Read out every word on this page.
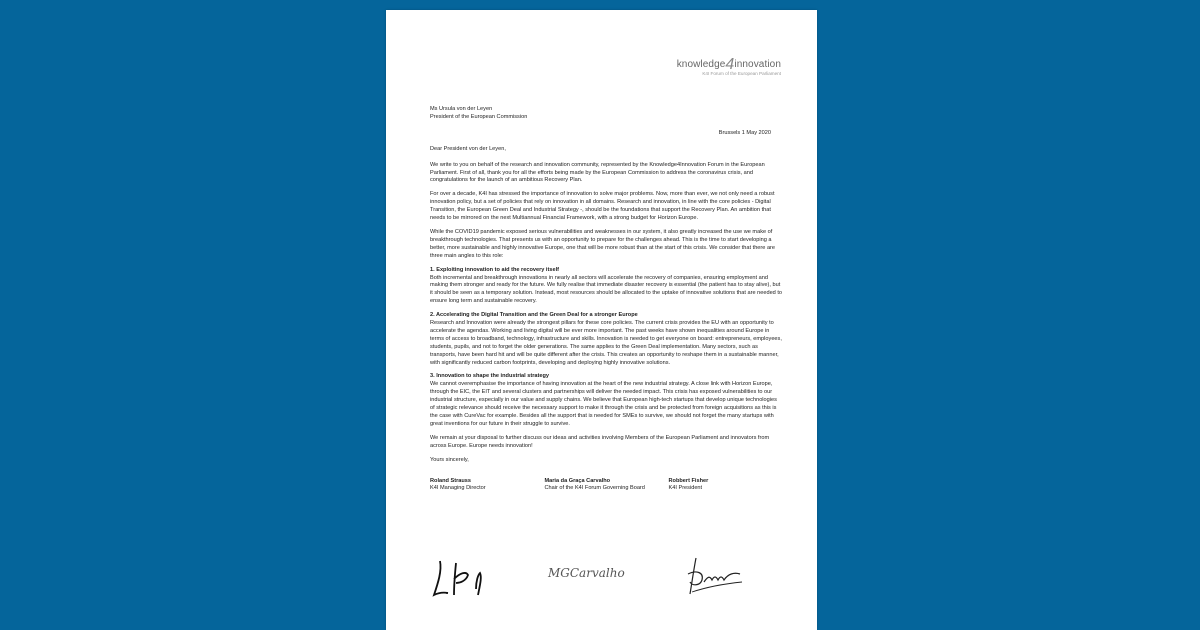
knowledge4innovation
K4I Forum of the European Parliament

Ms Ursula von der Leyen

President of the European Commission

Brussels 1 May 2020

Dear President von der Leyen,

We write to you on behalf of the research and innovation community, represented by the Knowledge4Innovation Forum in the European Parliament. First of all, thank you for all the efforts being made by the European Commission to address the coronavirus crisis, and congratulations for the launch of an ambitious Recovery Plan.

For over a decade, K4I has stressed the importance of innovation to solve major problems. Now, more than ever, we not only need a robust innovation policy, but a set of policies that rely on innovation in all domains. Research and innovation, in line with the core policies - Digital Transition, the European Green Deal and Industrial Strategy -, should be the foundations that support the Recovery Plan. An ambition that needs to be mirrored on the next Multiannual Financial Framework, with a strong budget for Horizon Europe.

While the COVID19 pandemic exposed serious vulnerabilities and weaknesses in our system, it also greatly increased the use we make of breakthrough technologies. That presents us with an opportunity to prepare for the challenges ahead. This is the time to start developing a better, more sustainable and highly innovative Europe, one that will be more robust than at the start of this crisis. We consider that there are three main angles to this role:

1. Exploiting innovation to aid the recovery itself

Both incremental and breakthrough innovations in nearly all sectors will accelerate the recovery of companies, ensuring employment and making them stronger and ready for the future. We fully realise that immediate disaster recovery is essential (the patient has to stay alive), but it should be seen as a temporary solution. Instead, most resources should be allocated to the uptake of innovative solutions that are needed to ensure long term and sustainable recovery.

2. Accelerating the Digital Transition and the Green Deal for a stronger Europe

Research and Innovation were already the strongest pillars for these core policies. The current crisis provides the EU with an opportunity to accelerate the agendas. Working and living digital will be ever more important. The past weeks have shown inequalities around Europe in terms of access to broadband, technology, infrastructure and skills. Innovation is needed to get everyone on board: entrepreneurs, employees, students, pupils, and not to forget the older generations. The same applies to the Green Deal implementation. Many sectors, such as transports, have been hard hit and will be quite different after the crisis. This creates an opportunity to reshape them in a sustainable manner, with significantly reduced carbon footprints, developing and deploying highly innovative solutions.

3. Innovation to shape the industrial strategy

We cannot overemphasise the importance of having innovation at the heart of the new industrial strategy. A close link with Horizon Europe, through the EIC, the EIT and several clusters and partnerships will deliver the needed impact. This crisis has exposed vulnerabilities to our industrial structure, especially in our value and supply chains. We believe that European high-tech startups that develop unique technologies of strategic relevance should receive the necessary support to make it through the crisis and be protected from foreign acquisitions as this is the case with CureVac for example. Besides all the support that is needed for SMEs to survive, we should not forget the many startups with great inventions for our future in their struggle to survive.

We remain at your disposal to further discuss our ideas and activities involving Members of the European Parliament and innovators from across Europe. Europe needs innovation!

Yours sincerely,

Roland Strauss

K4I Managing Director

Maria da Graça Carvalho

Chair of the K4I Forum Governing Board

Robbert Fisher

K4I President

MGCarvalho
